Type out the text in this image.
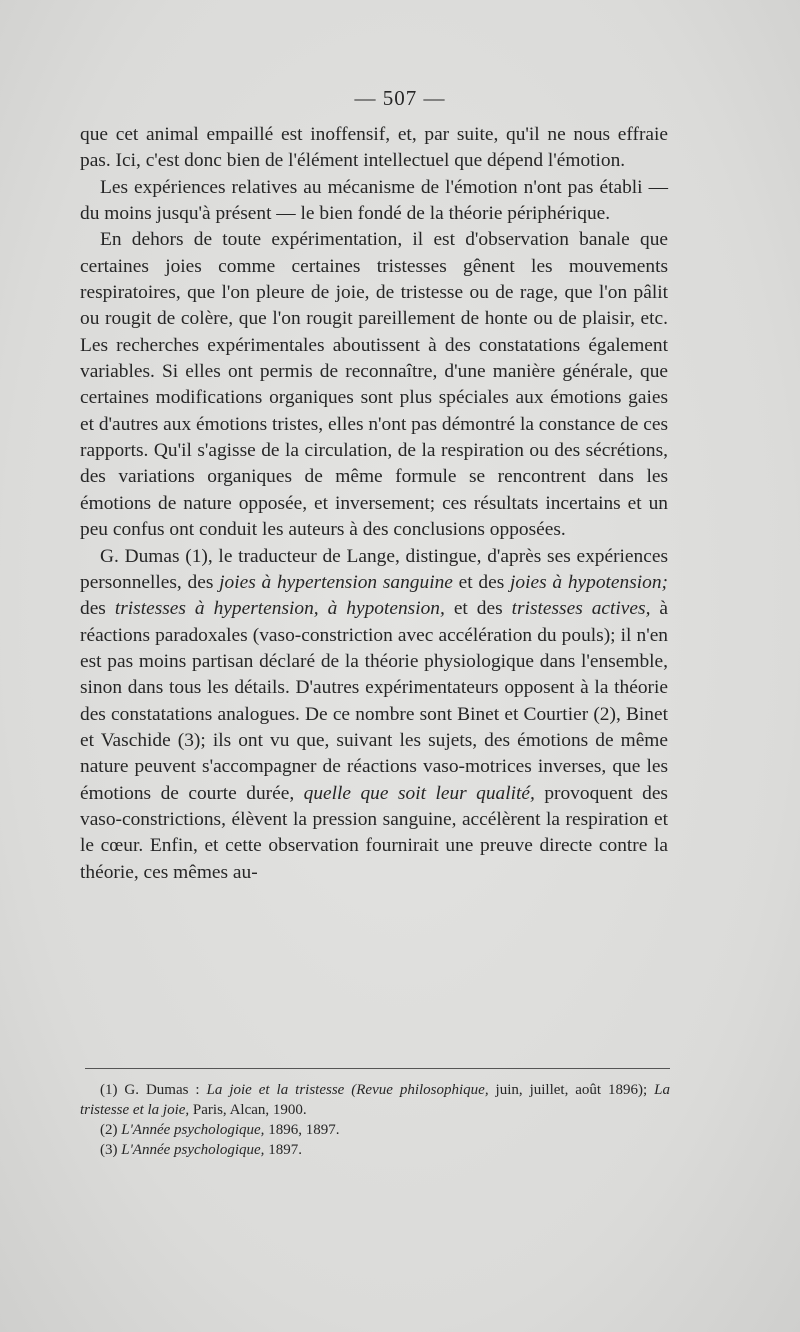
— 507 —

que cet animal empaillé est inoffensif, et, par suite, qu'il ne nous effraie pas. Ici, c'est donc bien de l'élément intellectuel que dépend l'émotion.

Les expériences relatives au mécanisme de l'émotion n'ont pas établi — du moins jusqu'à présent — le bien fondé de la théorie périphérique.

En dehors de toute expérimentation, il est d'observation banale que certaines joies comme certaines tristesses gênent les mouvements respiratoires, que l'on pleure de joie, de tristesse ou de rage, que l'on pâlit ou rougit de colère, que l'on rougit pareillement de honte ou de plaisir, etc. Les recherches expérimentales aboutissent à des constatations également variables. Si elles ont permis de reconnaître, d'une manière générale, que certaines modifications organiques sont plus spéciales aux émotions gaies et d'autres aux émotions tristes, elles n'ont pas démontré la constance de ces rapports. Qu'il s'agisse de la circulation, de la respiration ou des sécrétions, des variations organiques de même formule se rencontrent dans les émotions de nature opposée, et inversement; ces résultats incertains et un peu confus ont conduit les auteurs à des conclusions opposées.

G. Dumas (1), le traducteur de Lange, distingue, d'après ses expériences personnelles, des joies à hypertension sanguine et des joies à hypotension; des tristesses à hypertension, à hypotension, et des tristesses actives, à réactions paradoxales (vaso-constriction avec accélération du pouls); il n'en est pas moins partisan déclaré de la théorie physiologique dans l'ensemble, sinon dans tous les détails. D'autres expérimentateurs opposent à la théorie des constatations analogues. De ce nombre sont Binet et Courtier (2), Binet et Vaschide (3); ils ont vu que, suivant les sujets, des émotions de même nature peuvent s'accompagner de réactions vaso-motrices inverses, que les émotions de courte durée, quelle que soit leur qualité, provoquent des vaso-constrictions, élèvent la pression sanguine, accélèrent la respiration et le cœur. Enfin, et cette observation fournirait une preuve directe contre la théorie, ces mêmes au-

(1) G. Dumas : La joie et la tristesse (Revue philosophique, juin, juillet, août 1896); La tristesse et la joie, Paris, Alcan, 1900.

(2) L'Année psychologique, 1896, 1897.

(3) L'Année psychologique, 1897.
